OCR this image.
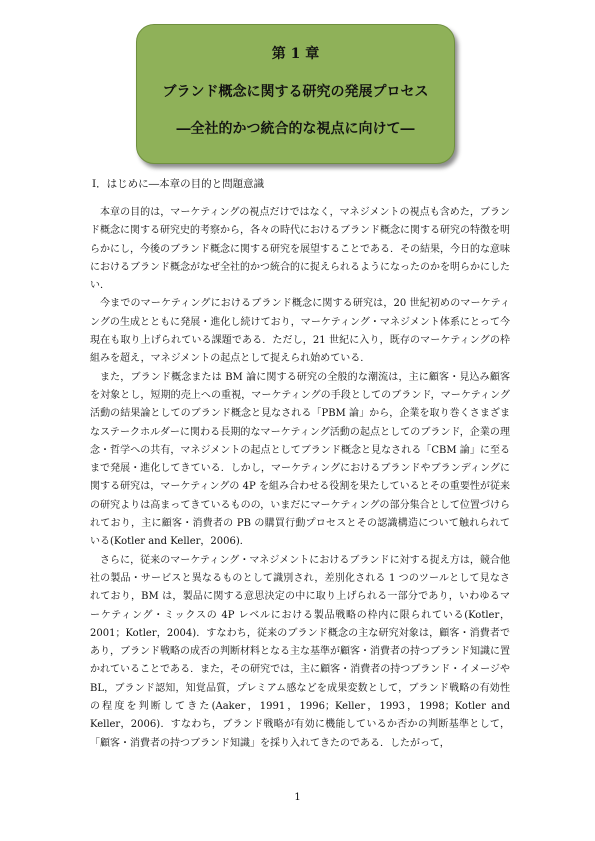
第 1 章
ブランド概念に関する研究の発展プロセス
―全社的かつ統合的な視点に向けて―
Ⅰ．はじめに―本章の目的と問題意識

本章の目的は，マーケティングの視点だけではなく，マネジメントの視点も含めた，ブランド概念に関する研究史的考察から，各々の時代におけるブランド概念に関する研究の特徴を明らかにし，今後のブランド概念に関する研究を展望することである．その結果，今日的な意味におけるブランド概念がなぜ全社的かつ統合的に捉えられるようになったのかを明らかにしたい．

今までのマーケティングにおけるブランド概念に関する研究は，20 世紀初めのマーケティングの生成とともに発展・進化し続けており，マーケティング・マネジメント体系にとって今現在も取り上げられている課題である．ただし，21 世紀に入り，既存のマーケティングの枠組みを超え，マネジメントの起点として捉えられ始めている．

また，ブランド概念または BM 論に関する研究の全般的な潮流は，主に顧客・見込み顧客を対象とし，短期的売上への重視，マーケティングの手段としてのブランド，マーケティング活動の結果論としてのブランド概念と見なされる「PBM 論」から，企業を取り巻くさまざまなステークホルダーに関わる長期的なマーケティング活動の起点としてのブランド，企業の理念・哲学への共有，マネジメントの起点としてブランド概念と見なされる「CBM 論」に至るまで発展・進化してきている．しかし，マーケティングにおけるブランドやブランディングに関する研究は，マーケティングの 4P を組み合わせる役割を果たしているとその重要性が従来の研究よりは高まってきているものの，いまだにマーケティングの部分集合として位置づけられており，主に顧客・消費者の PB の購買行動プロセスとその認識構造について触れられている(Kotler and Keller，2006)．

さらに，従来のマーケティング・マネジメントにおけるブランドに対する捉え方は，競合他社の製品・サービスと異なるものとして識別され，差別化される 1 つのツールとして見なされており，BM は，製品に関する意思決定の中に取り上げられる一部分であり，いわゆるマーケティング・ミックスの 4P レベルにおける製品戦略の枠内に限られている(Kotler，2001；Kotler，2004)．すなわち，従来のブランド概念の主な研究対象は，顧客・消費者であり，ブランド戦略の成否の判断材料となる主な基準が顧客・消費者の持つブランド知識に置かれていることである．また，その研究では，主に顧客・消費者の持つブランド・イメージや BL，ブランド認知，知覚品質，プレミアム感などを成果変数として，ブランド戦略の有効性の程度を判断してきた(Aaker，1991，1996；Keller，1993，1998；Kotler and Keller，2006)．すなわち，ブランド戦略が有効に機能しているか否かの判断基準として，「顧客・消費者の持つブランド知識」を採り入れてきたのである．したがって，

1
